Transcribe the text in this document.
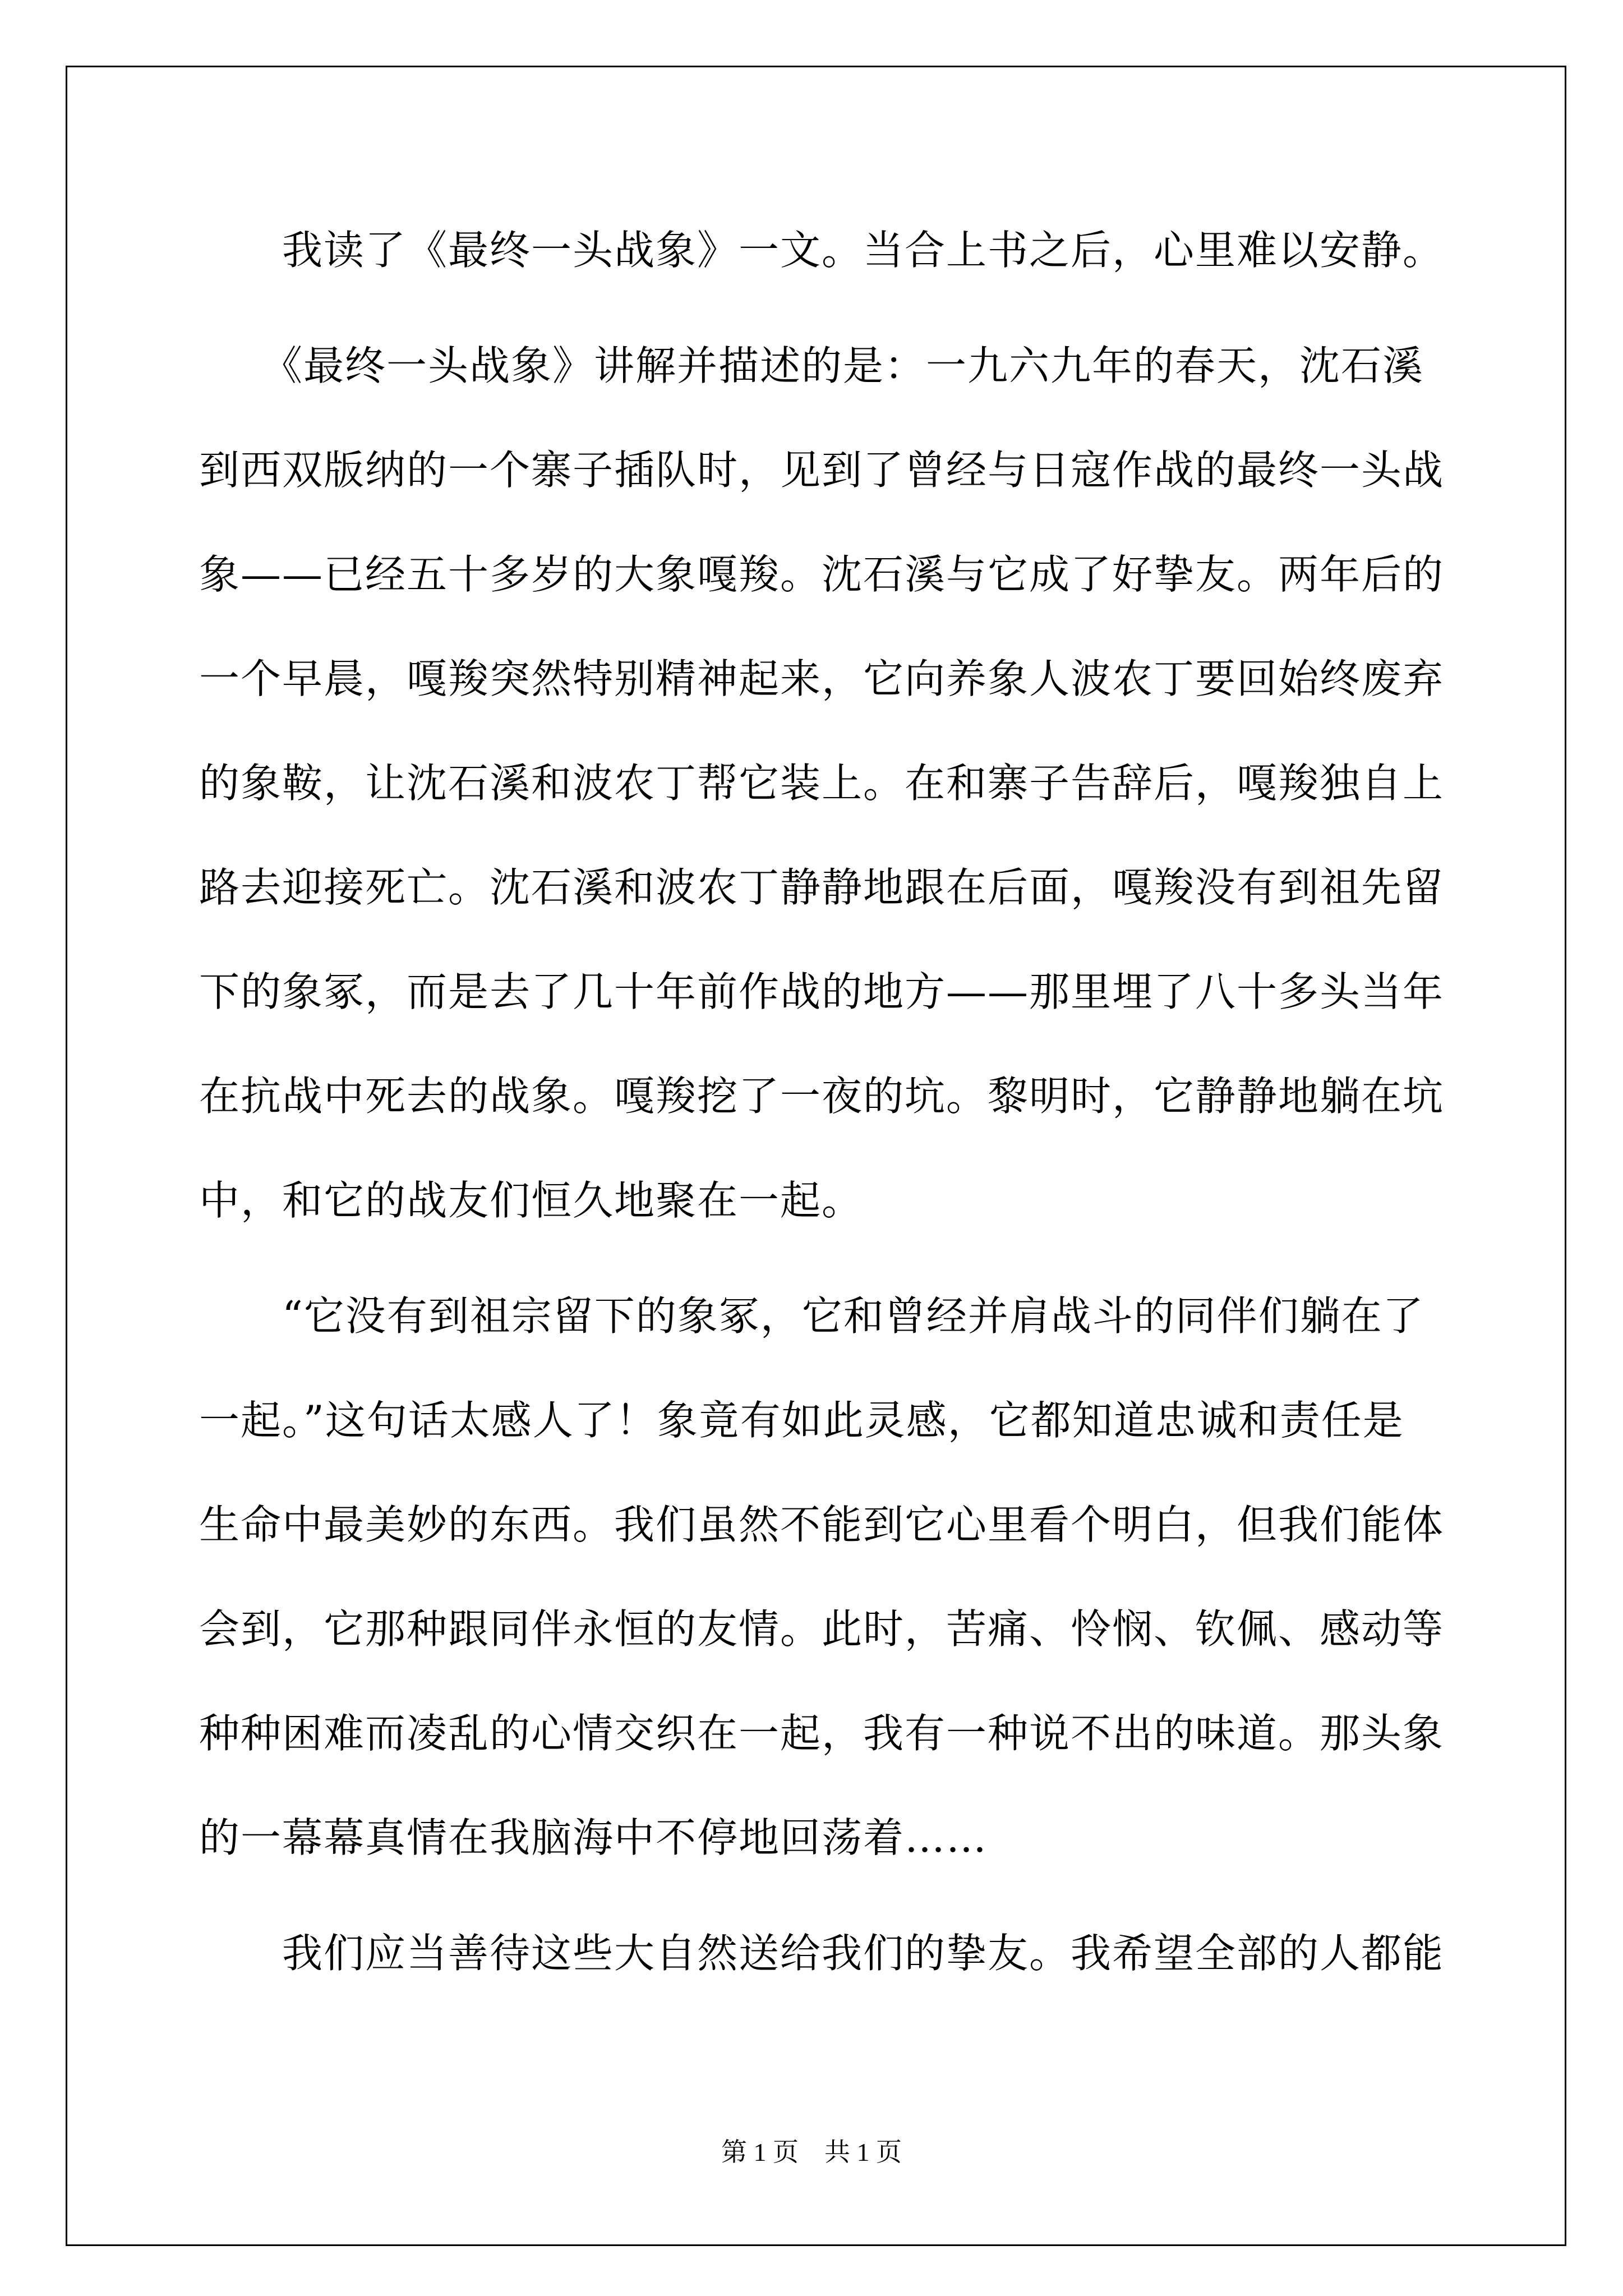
　　我读了《最终一头战象》一文。当合上书之后，心里难以安静。
　　《最终一头战象》讲解并描述的是：一九六九年的春天，沈石溪
到西双版纳的一个寨子插队时，见到了曾经与日寇作战的最终一头战
象——已经五十多岁的大象嘎羧。沈石溪与它成了好挚友。两年后的
一个早晨，嘎羧突然特别精神起来，它向养象人波农丁要回始终废弃
的象鞍，让沈石溪和波农丁帮它装上。在和寨子告辞后，嘎羧独自上
路去迎接死亡。沈石溪和波农丁静静地跟在后面，嘎羧没有到祖先留
下的象冢，而是去了几十年前作战的地方——那里埋了八十多头当年
在抗战中死去的战象。嘎羧挖了一夜的坑。黎明时，它静静地躺在坑
中，和它的战友们恒久地聚在一起。
　　“它没有到祖宗留下的象冢，它和曾经并肩战斗的同伴们躺在了
一起。”这句话太感人了！象竟有如此灵感，它都知道忠诚和责任是
生命中最美妙的东西。我们虽然不能到它心里看个明白，但我们能体
会到，它那种跟同伴永恒的友情。此时，苦痛、怜悯、钦佩、感动等
种种困难而凌乱的心情交织在一起，我有一种说不出的味道。那头象
的一幕幕真情在我脑海中不停地回荡着……
　　我们应当善待这些大自然送给我们的挚友。我希望全部的人都能
第 1 页　共 1 页
